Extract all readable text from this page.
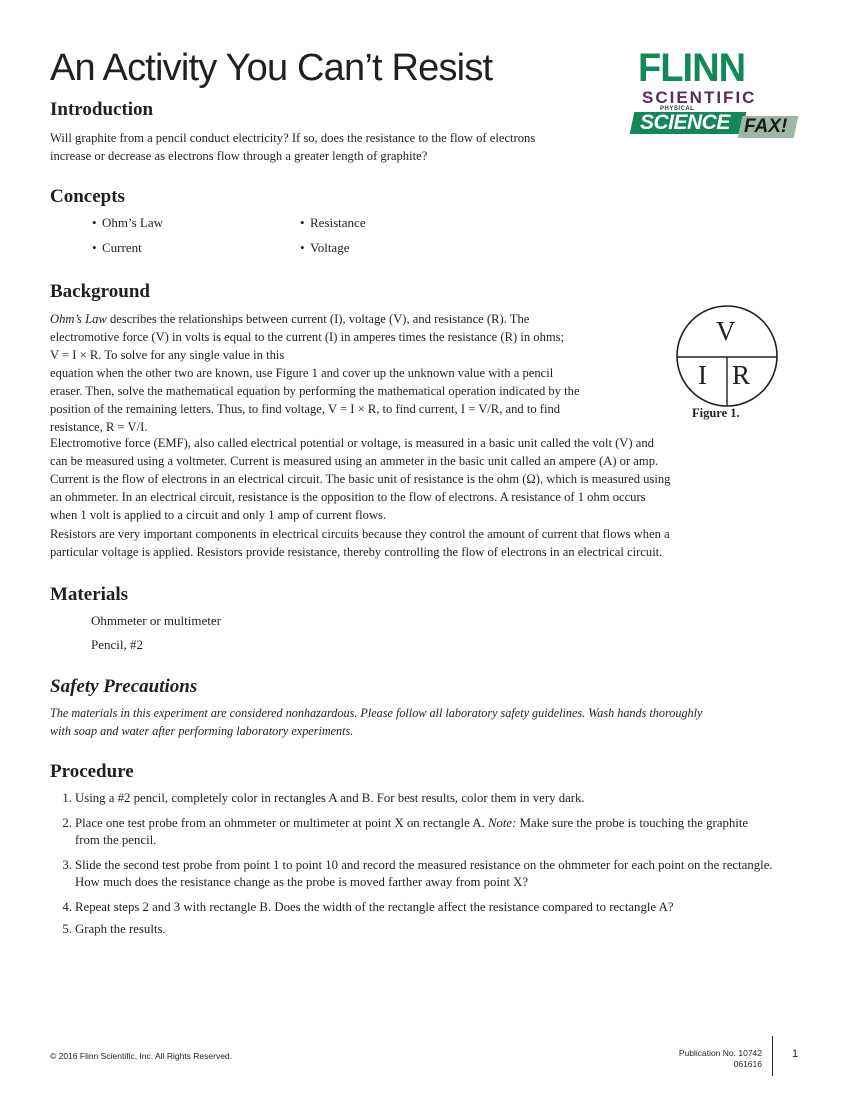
An Activity You Can’t Resist	FLINN
SCIENTIFIC
PHYSICAL
SCIENCE FAX!
Introduction

Will graphite from a pencil conduct electricity? If so, does the resistance to the flow of electrons
increase or decrease as electrons flow through a greater length of graphite?

Concepts
• Ohm’s Law	• Resistance
• Current	• Voltage
Background

Ohm’s Law describes the relationships between current (I), voltage (V), and resistance (R). The
electromotive force (V) in volts is equal to the current (I) in amperes times the resistance (R) in ohms;
V = I × R. To solve for any single value in this
equation when the other two are known, use Figure 1 and cover up the unknown value with a pencil
eraser. Then, solve the mathematical equation by performing the mathematical operation indicated by the
position of the remaining letters. Thus, to find voltage, V = I × R, to find current, I = V/R, and to find
resistance, R = V/I.

V
I R
Figure 1.

Electromotive force (EMF), also called electrical potential or voltage, is measured in a basic unit called the volt (V) and
can be measured using a voltmeter. Current is measured using an ammeter in the basic unit called an ampere (A) or amp.
Current is the flow of electrons in an electrical circuit. The basic unit of resistance is the ohm (Ω), which is measured using
an ohmmeter. In an electrical circuit, resistance is the opposition to the flow of electrons. A resistance of 1 ohm occurs
when 1 volt is applied to a circuit and only 1 amp of current flows.

Resistors are very important components in electrical circuits because they control the amount of current that flows when a
particular voltage is applied. Resistors provide resistance, thereby controlling the flow of electrons in an electrical circuit.

Materials
Ohmmeter or multimeter
Pencil, #2
Safety Precautions

The materials in this experiment are considered nonhazardous. Please follow all laboratory safety guidelines. Wash hands thoroughly
with soap and water after performing laboratory experiments.

Procedure
1. Using a #2 pencil, completely color in rectangles A and B. For best results, color them in very dark.
2. Place one test probe from an ohmmeter or multimeter at point X on rectangle A. Note: Make sure the probe is touching the graphite from the pencil.
3. Slide the second test probe from point 1 to point 10 and record the measured resistance on the ohmmeter for each point on the rectangle. How much does the resistance change as the probe is moved farther away from point X?
4. Repeat steps 2 and 3 with rectangle B. Does the width of the rectangle affect the resistance compared to rectangle A?
5. Graph the results.
© 2016 Flinn Scientific, Inc. All Rights Reserved.	Publication No. 10742
061616
1
